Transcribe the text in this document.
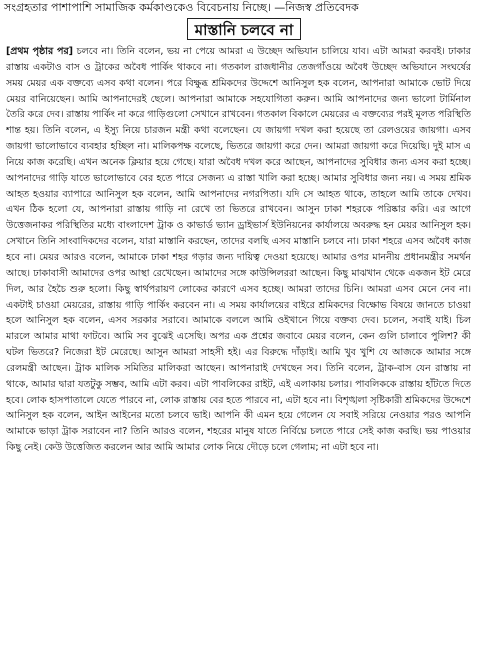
সংগ্রহতার পাশাপাশি সামাজিক কর্মকাণ্ডকেও বিবেচনায় নিচ্ছে। —নিজস্ব প্রতিবেদক
মাস্তানি চলবে না
[প্রথম পৃষ্ঠার পর] চলবে না। তিনি বলেন, ভয় না পেয়ে আমরা এ উচ্ছেদ অভিযান চালিয়ে যাব। এটা আমরা করবই। ঢাকার রাস্তায় একটাও বাস ও ট্রাকের অবৈধ পার্কিং থাকবে না। গতকাল রাজধানীর তেজগাঁওয়ে অবৈধ উচ্ছেদ অভিযানে সংঘর্ষের সময় মেয়র এক বক্তব্যে এসব কথা বলেন। পরে বিক্ষুব্ধ শ্রমিকদের উদ্দেশে আনিসুল হক বলেন, আপনারা আমাকে ভোট দিয়ে মেয়র বানিয়েছেন। আমি আপনাদেরই ছেলে। আপনারা আমাকে সহযোগিতা করুন। আমি আপনাদের জন্য ভালো টার্মিনাল তৈরি করে দেব। রাস্তায় পার্কিং না করে গাড়িগুলো সেখানে রাখবেন। গতকাল বিকালে মেয়রের এ বক্তব্যের পরই মূলত পরিস্থিতি শান্ত হয়। তিনি বলেন, এ ইস্যু নিয়ে চারজন মন্ত্রী কথা বলেছেন। যে জায়গা দখল করা হয়েছে তা রেলওয়ের জায়গা। এসব জায়গা ভালোভাবে ব্যবহার হচ্ছিল না। মালিকপক্ষ বলেছে, ভিতরে জায়গা করে দেন। আমরা জায়গা করে দিয়েছি। দুই মাস এ নিয়ে কাজ করেছি। এখন অনেক ক্লিয়ার হয়ে গেছে। যারা অবৈধ দখল করে আছেন, আপনাদের সুবিধার জন্য এসব করা হচ্ছে। আপনাদের গাড়ি যাতে ভালোভাবে বের হতে পারে সেজন্য এ রাস্তা খালি করা হচ্ছে। আমার সুবিধার জন্য নয়। এ সময় শ্রমিক আহত হওয়ার ব্যাপারে আনিসুল হক বলেন, আমি আপনাদের নগরপিতা। যদি সে আহত থাকে, তাহলে আমি তাকে দেখব। এখন ঠিক হলো যে, আপনারা রাস্তায় গাড়ি না রেখে তা ভিতরে রাখবেন। আসুন ঢাকা শহরকে পরিষ্কার করি। এর আগে উত্তেজনাকর পরিস্থিতির মধ্যে বাংলাদেশ ট্রাক ও কাভার্ড ভ্যান ড্রাইভার্স ইউনিয়নের কার্যালয়ে অবরুদ্ধ হন মেয়র আনিসুল হক। সেখানে তিনি সাংবাদিকদের বলেন, যারা মাস্তানি করছেন, তাদের বলছি এসব মাস্তানি চলবে না। ঢাকা শহরে এসব অবৈধ কাজ হবে না। মেয়র আরও বলেন, আমাকে ঢাকা শহর গড়ার জন্য দায়িত্ব দেওয়া হয়েছে। আমার ওপর মাননীয় প্রধানমন্ত্রীর সমর্থন আছে। ঢাকাবাসী আমাদের ওপর আস্থা রেখেছেন। আমাদের সঙ্গে কাউন্সিলররা আছেন। কিছু মাঝখান থেকে একজন ইট মেরে দিল, আর হৈচৈ শুরু হলো। কিছু স্বার্থপরায়ণ লোকের কারণে এসব হচ্ছে। আমরা তাদের চিনি। আমরা এসব মেনে নেব না। একটাই চাওয়া মেয়রের, রাস্তায় গাড়ি পার্কিং করবেন না। এ সময় কার্যালয়ের বাইরে শ্রমিকদের বিক্ষোভ বিষয়ে জানতে চাওয়া হলে আনিসুল হক বলেন, এসব সরকার সরাবে। আমাকে বললে আমি ওইখানে গিয়ে বক্তব্য দেব। চলেন, সবাই যাই। চিল মারলে আমার মাথা ফাটবে। আমি সব বুঝেই এসেছি। অপর এক প্রশ্নের জবাবে মেয়র বলেন, কেন গুলি চালাবে পুলিশ? কী ঘটল ভিতরে? নিজেরা ইট মেরেছে। আসুন আমরা সাহসী হই। এর বিরুদ্ধে দাঁড়াই। আমি খুব খুশি যে আজকে আমার সঙ্গে রেলমন্ত্রী আছেন। ট্রাক মালিক সমিতির মালিকরা আছেন। আপনারাই দেখছেন সব। তিনি বলেন, ট্রাক-বাস যেন রাস্তায় না থাকে, আমার দ্বারা যতটুকু সম্ভব, আমি এটা করব। এটা পাবলিকের রাইট, এই এলাকায় চলার। পাবলিককে রাস্তায় হাঁটতে দিতে হবে। লোক হাসপাতালে যেতে পারবে না, লোক রাস্তায় বের হতে পারবে না, এটা হবে না। বিশৃঙ্খলা সৃষ্টিকারী শ্রমিকদের উদ্দেশে আনিসুল হক বলেন, আইন আইনের মতো চলবে ভাই। আপনি কী এমন হয়ে গেলেন যে সবাই সরিয়ে নেওয়ার পরও আপনি আমাকে ভাড়া ট্রাক সরাবেন না? তিনি আরও বলেন, শহরের মানুষ যাতে নির্বিঘ্নে চলতে পারে সেই কাজ করছি। ভয় পাওয়ার কিছু নেই। কেউ উত্তেজিত করলেন আর আমি আমার লোক নিয়ে দৌড়ে চলে গেলাম; না এটা হবে না।
